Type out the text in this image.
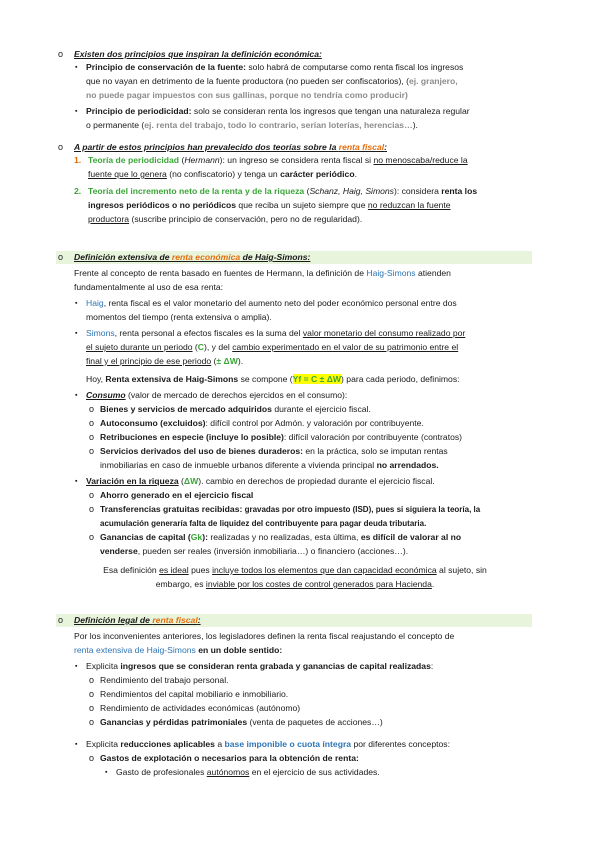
o Existen dos principios que inspiran la definición económica:
▪ Principio de conservación de la fuente: solo habrá de computarse como renta fiscal los ingresos
que no vayan en detrimento de la fuente productora (no pueden ser confiscatorios), (ej. granjero,
no puede pagar impuestos con sus gallinas, porque no tendría como producir)
▪ Principio de periodicidad: solo se consideran renta los ingresos que tengan una naturaleza regular
o permanente (ej. renta del trabajo, todo lo contrario, serían loterías, herencias…).
o A partir de estos principios han prevalecido dos teorías sobre la renta fiscal:
1. Teoría de periodicidad (Hermann): un ingreso se considera renta fiscal si no menoscaba/reduce la
fuente que lo genera (no confiscatorio) y tenga un carácter periódico.
2. Teoría del incremento neto de la renta y de la riqueza (Schanz, Haig, Simons): considera renta los
ingresos periódicos o no periódicos que reciba un sujeto siempre que no reduzcan la fuente
productora (suscribe principio de conservación, pero no de regularidad).
o Definición extensiva de renta económica de Haig-Simons:
Frente al concepto de renta basado en fuentes de Hermann, la definición de Haig-Simons atienden
fundamentalmente al uso de esa renta:
▪ Haig, renta fiscal es el valor monetario del aumento neto del poder económico personal entre dos
momentos del tiempo (renta extensiva o amplia).
▪ Simons, renta personal a efectos fiscales es la suma del valor monetario del consumo realizado por
el sujeto durante un periodo (C), y del cambio experimentado en el valor de su patrimonio entre el
final y el principio de ese periodo (± ΔW).
Hoy, Renta extensiva de Haig-Simons se compone (Yf = C ± ΔW) para cada periodo, definimos:
▪ Consumo (valor de mercado de derechos ejercidos en el consumo):
o Bienes y servicios de mercado adquiridos durante el ejercicio fiscal.
o Autoconsumo (excluidos): difícil control por Admón. y valoración por contribuyente.
o Retribuciones en especie (incluye lo posible): difícil valoración por contribuyente (contratos)
o Servicios derivados del uso de bienes duraderos: en la práctica, solo se imputan rentas
inmobiliarias en caso de inmueble urbanos diferente a vivienda principal no arrendados.
▪ Variación en la riqueza (ΔW). cambio en derechos de propiedad durante el ejercicio fiscal.
o Ahorro generado en el ejercicio fiscal
o Transferencias gratuitas recibidas: gravadas por otro impuesto (ISD), pues si siguiera la teoría, la
acumulación generaría falta de liquidez del contribuyente para pagar deuda tributaria.
o Ganancias de capital (Gk): realizadas y no realizadas, esta última, es difícil de valorar al no
venderse, pueden ser reales (inversión inmobiliaria…) o financiero (acciones…).
Esa definición es ideal pues incluye todos los elementos que dan capacidad económica al sujeto, sin
embargo, es inviable por los costes de control generados para Hacienda.
o Definición legal de renta fiscal:
Por los inconvenientes anteriores, los legisladores definen la renta fiscal reajustando el concepto de
renta extensiva de Haig-Simons en un doble sentido:
▪ Explicita ingresos que se consideran renta grabada y ganancias de capital realizadas:
o Rendimiento del trabajo personal.
o Rendimientos del capital mobiliario e inmobiliario.
o Rendimiento de actividades económicas (autónomo)
o Ganancias y pérdidas patrimoniales (venta de paquetes de acciones…)
▪ Explicita reducciones aplicables a base imponible o cuota íntegra por diferentes conceptos:
o Gastos de explotación o necesarios para la obtención de renta:
▪ Gasto de profesionales autónomos en el ejercicio de sus actividades.
